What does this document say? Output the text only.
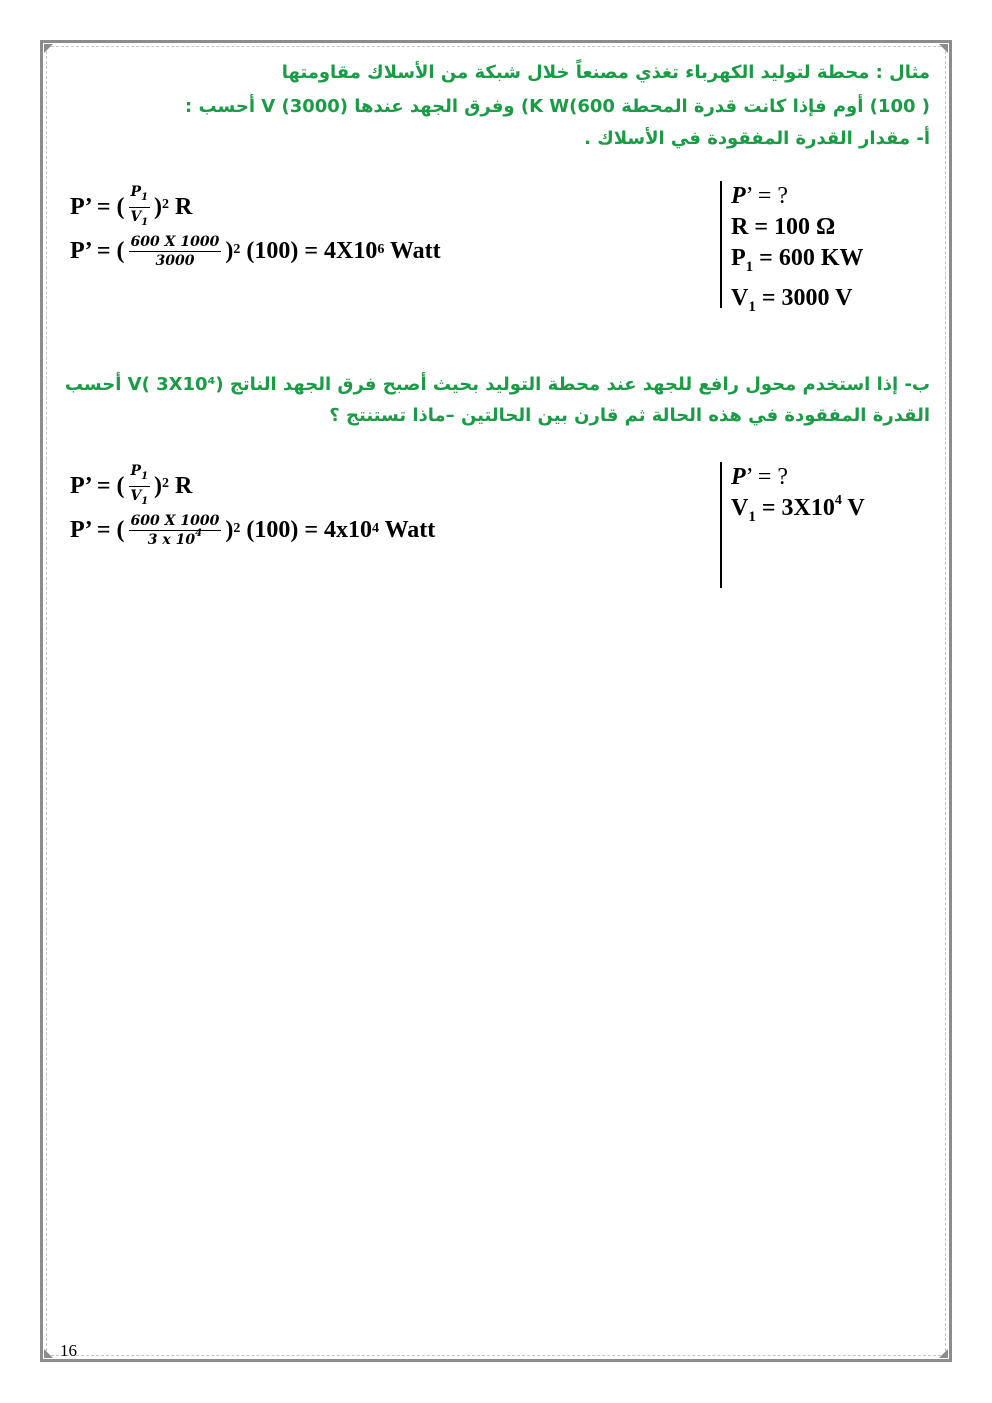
مثال : محطة لتوليد الكهرباء تغذي مصنعاً خلال شبكة من الأسلاك مقاومتها
( 100) أوم فإذا كانت قدرة المحطة 600)K W) وفرق الجهد عندها V (3000) أحسب :
أ- مقدار القدرة المفقودة في الأسلاك .
P’ = ( $\frac{P_1}{V_1} )^2$ R
P’ = ( $\frac{600 X 1000}{3000} )^2$ $(100) = 4X10^6$ Watt
P’ = ?
R = 100 Ω
$P_1 = 600$ KW
$V_1 = 3000$ V
ب- إذا استخدم محول رافع للجهد عند محطة التوليد بحيث أصبح فرق الجهد الناتج V( 3X10⁴) أحسب
القدرة المفقودة في هذه الحالة ثم قارن بين الحالتين –ماذا تستنتج ؟
P’ = ( $\frac{P_1}{V_1} )^2$ R
P’ = ( $\frac{600 X 1000}{3 x 10^4} )^2$ $(100) = 4x10^4$ Watt
P’ = ?
$V_1 = 3X10^4$ V
16
